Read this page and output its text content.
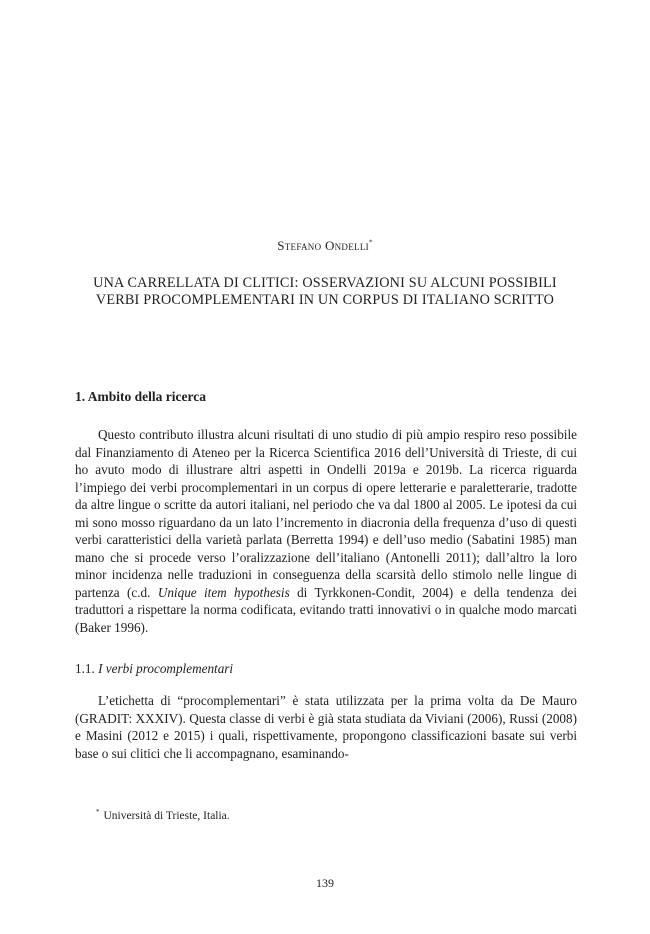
Stefano Ondelli*
UNA CARRELLATA DI CLITICI: OSSERVAZIONI SU ALCUNI POSSIBILI
VERBI PROCOMPLEMENTARI IN UN CORPUS DI ITALIANO SCRITTO
1. Ambito della ricerca

Questo contributo illustra alcuni risultati di uno studio di più ampio respiro reso possibile dal Finanziamento di Ateneo per la Ricerca Scientifica 2016 dell’Università di Trieste, di cui ho avuto modo di illustrare altri aspetti in Ondelli 2019a e 2019b. La ricerca riguarda l’impiego dei verbi procomplementari in un corpus di opere letterarie e paraletterarie, tradotte da altre lingue o scritte da autori italiani, nel periodo che va dal 1800 al 2005. Le ipotesi da cui mi sono mosso riguardano da un lato l’incremento in diacronia della frequenza d’uso di questi verbi caratteristici della varietà parlata (Berretta 1994) e dell’uso medio (Sabatini 1985) man mano che si procede verso l’oralizzazione dell’italiano (Antonelli 2011); dall’altro la loro minor incidenza nelle traduzioni in conseguenza della scarsità dello stimolo nelle lingue di partenza (c.d. Unique item hypothesis di Tyrkkonen-Condit, 2004) e della tendenza dei traduttori a rispettare la norma codificata, evitando tratti innovativi o in qualche modo marcati (Baker 1996).

1.1. I verbi procomplementari

L’etichetta di “procomplementari” è stata utilizzata per la prima volta da De Mauro (GRADIT: XXXIV). Questa classe di verbi è già stata studiata da Viviani (2006), Russi (2008) e Masini (2012 e 2015) i quali, rispettivamente, propongono classificazioni basate sui verbi base o sui clitici che li accompagnano, esaminando-

* Università di Trieste, Italia.
139
